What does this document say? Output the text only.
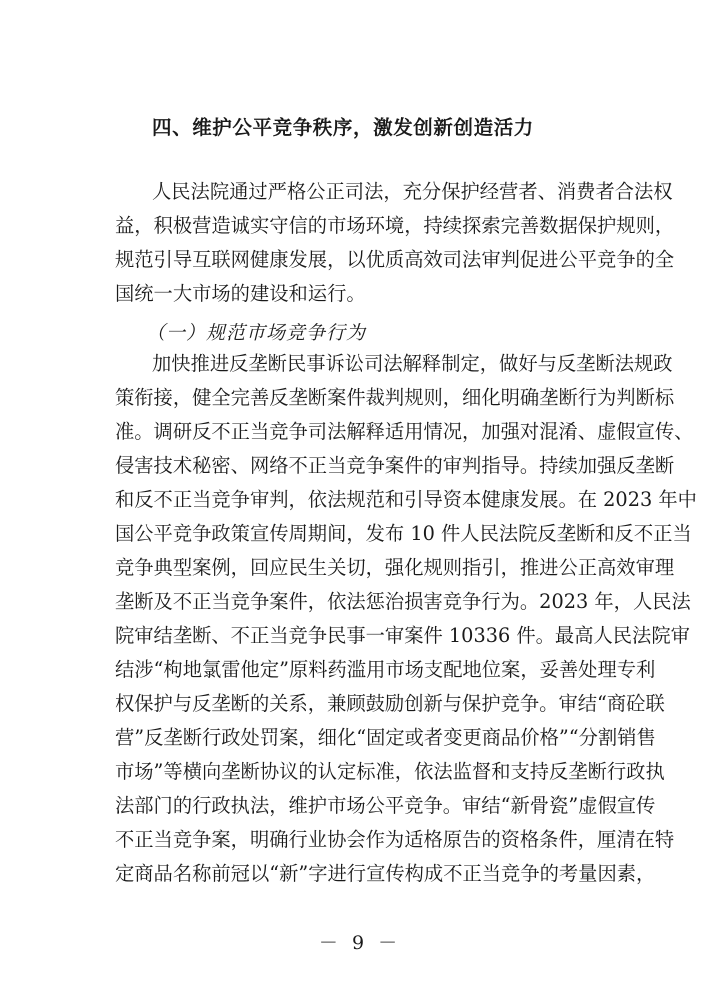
四、维护公平竞争秩序，激发创新创造活力
人民法院通过严格公正司法，充分保护经营者、消费者合法权
益，积极营造诚实守信的市场环境，持续探索完善数据保护规则，
规范引导互联网健康发展，以优质高效司法审判促进公平竞争的全
国统一大市场的建设和运行。
（一）规范市场竞争行为
加快推进反垄断民事诉讼司法解释制定，做好与反垄断法规政
策衔接，健全完善反垄断案件裁判规则，细化明确垄断行为判断标
准。调研反不正当竞争司法解释适用情况，加强对混淆、虚假宣传、
侵害技术秘密、网络不正当竞争案件的审判指导。持续加强反垄断
和反不正当竞争审判，依法规范和引导资本健康发展。在 2023 年中
国公平竞争政策宣传周期间，发布 10 件人民法院反垄断和反不正当
竞争典型案例，回应民生关切，强化规则指引，推进公正高效审理
垄断及不正当竞争案件，依法惩治损害竞争行为。2023 年，人民法
院审结垄断、不正当竞争民事一审案件 10336 件。最高人民法院审
结涉“枸地氯雷他定”原料药滥用市场支配地位案，妥善处理专利
权保护与反垄断的关系，兼顾鼓励创新与保护竞争。审结“商砼联
营”反垄断行政处罚案，细化“固定或者变更商品价格”“分割销售
市场”等横向垄断协议的认定标准，依法监督和支持反垄断行政执
法部门的行政执法，维护市场公平竞争。审结“新骨瓷”虚假宣传
不正当竞争案，明确行业协会作为适格原告的资格条件，厘清在特
定商品名称前冠以“新”字进行宣传构成不正当竞争的考量因素，
－ 9 －
